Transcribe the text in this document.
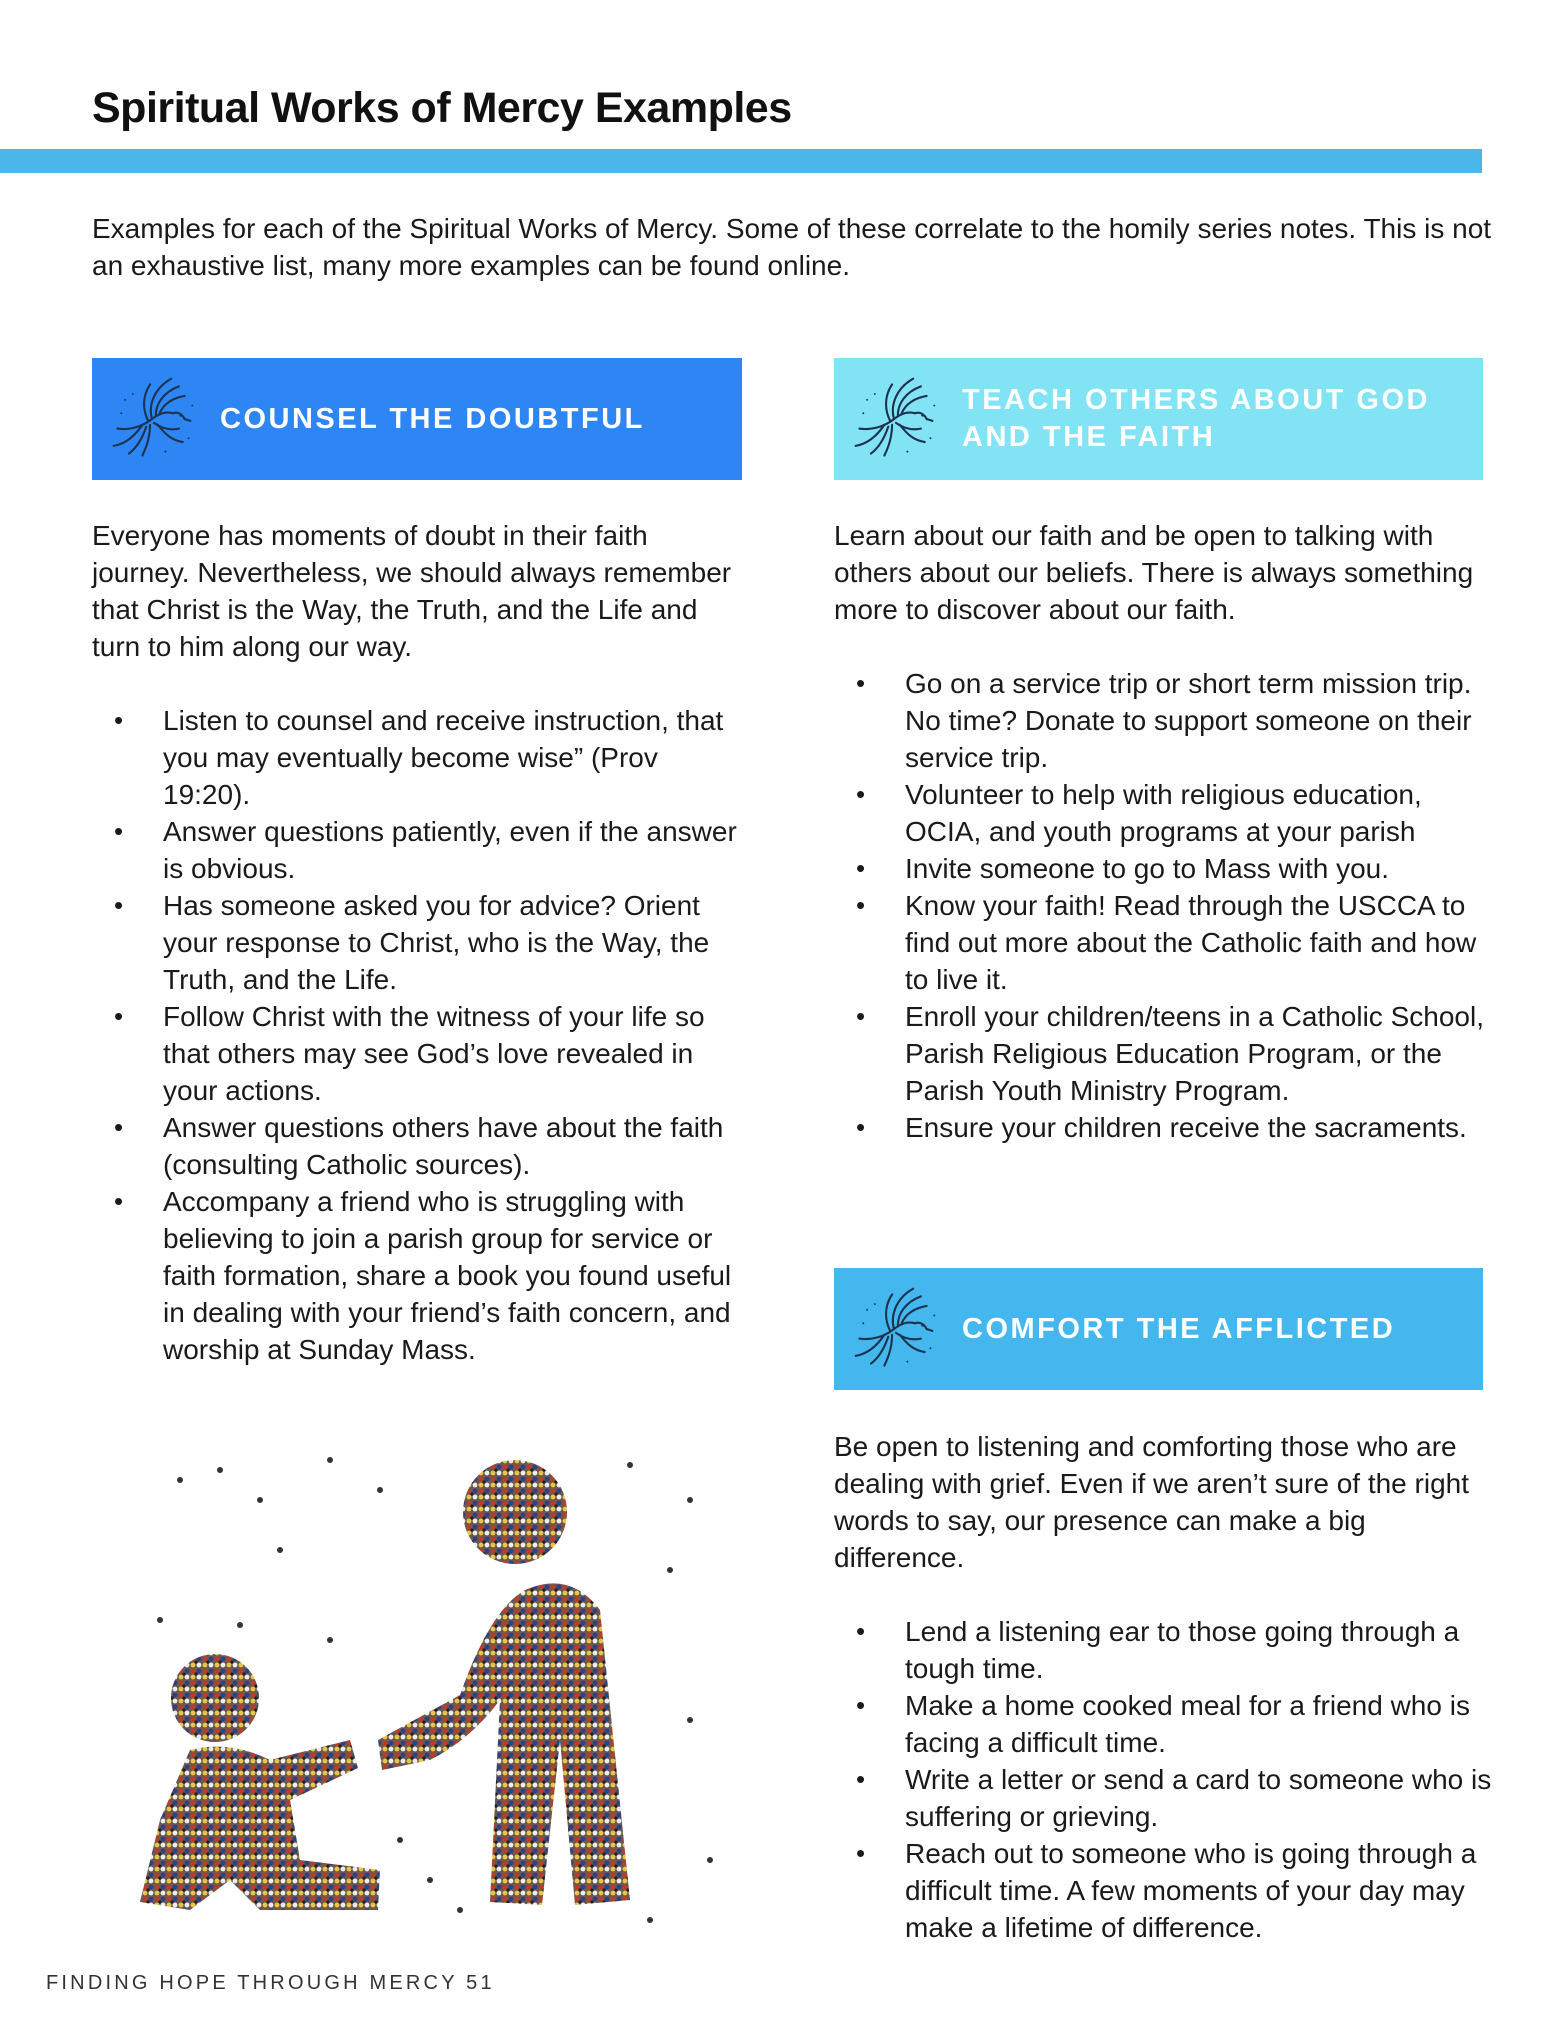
Spiritual Works of Mercy Examples

Examples for each of the Spiritual Works of Mercy. Some of these correlate to the homily series notes. This is not an exhaustive list, many more examples can be found online.

COUNSEL THE DOUBTFUL

Everyone has moments of doubt in their faith journey. Nevertheless, we should always remember that Christ is the Way, the Truth, and the Life and turn to him along our way.

• Listen to counsel and receive instruction, that you may eventually become wise” (Prov 19:20).
• Answer questions patiently, even if the answer is obvious.
• Has someone asked you for advice? Orient your response to Christ, who is the Way, the Truth, and the Life.
• Follow Christ with the witness of your life so that others may see God’s love revealed in your actions.
• Answer questions others have about the faith (consulting Catholic sources).
• Accompany a friend who is struggling with believing to join a parish group for service or faith formation, share a book you found useful in dealing with your friend’s faith concern, and worship at Sunday Mass.
TEACH OTHERS ABOUT GOD
AND THE FAITH

Learn about our faith and be open to talking with others about our beliefs. There is always something more to discover about our faith.

• Go on a service trip or short term mission trip. No time? Donate to support someone on their service trip.
• Volunteer to help with religious education, OCIA, and youth programs at your parish
• Invite someone to go to Mass with you.
• Know your faith! Read through the USCCA to find out more about the Catholic faith and how to live it.
• Enroll your children/teens in a Catholic School, Parish Religious Education Program, or the Parish Youth Ministry Program.
• Ensure your children receive the sacraments.
COMFORT THE AFFLICTED

Be open to listening and comforting those who are dealing with grief. Even if we aren’t sure of the right words to say, our presence can make a big difference.

• Lend a listening ear to those going through a tough time.
• Make a home cooked meal for a friend who is facing a difficult time.
• Write a letter or send a card to someone who is suffering or grieving.
• Reach out to someone who is going through a difficult time. A few moments of your day may make a lifetime of difference.
FINDING HOPE THROUGH MERCY 51
